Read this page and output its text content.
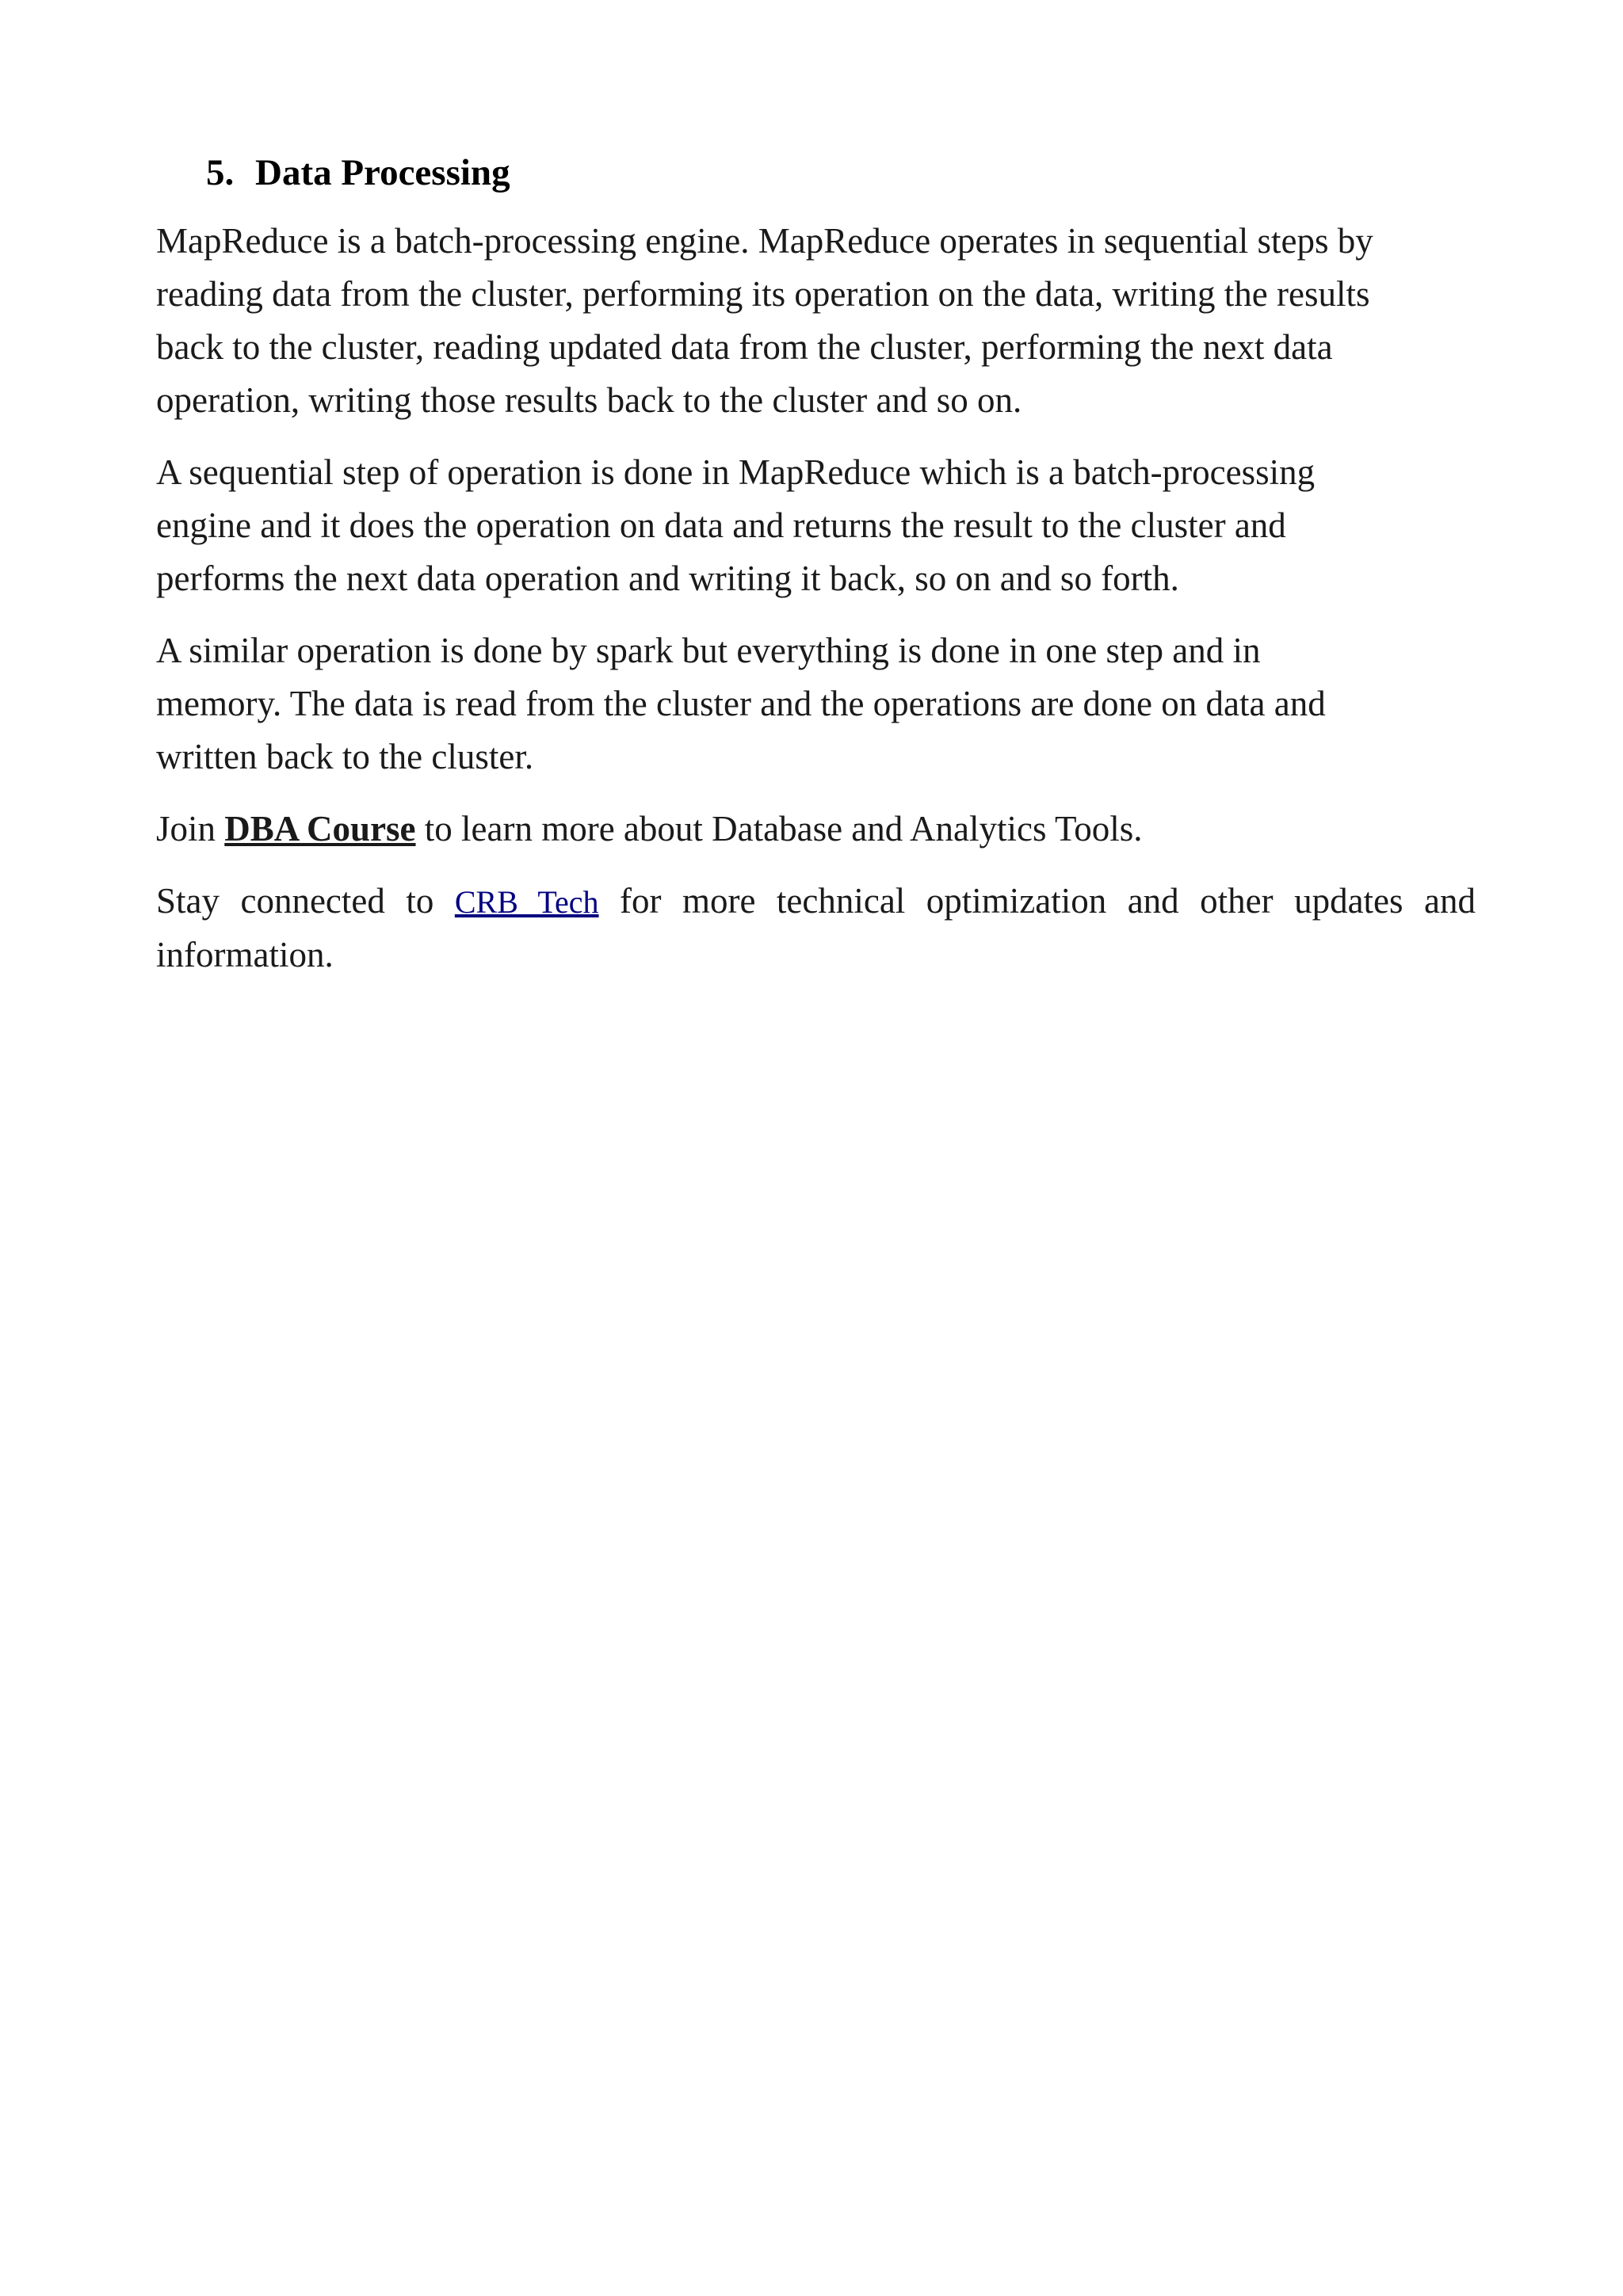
5. Data Processing

MapReduce is a batch-processing engine. MapReduce operates in sequential steps by
reading data from the cluster, performing its operation on the data, writing the results
back to the cluster, reading updated data from the cluster, performing the next data
operation, writing those results back to the cluster and so on.

A sequential step of operation is done in MapReduce which is a batch-processing
engine and it does the operation on data and returns the result to the cluster and
performs the next data operation and writing it back, so on and so forth.

A similar operation is done by spark but everything is done in one step and in
memory. The data is read from the cluster and the operations are done on data and
written back to the cluster.

Join DBA Course to learn more about Database and Analytics Tools.

Stay connected to CRB Tech for more technical optimization and other updates and
information.
